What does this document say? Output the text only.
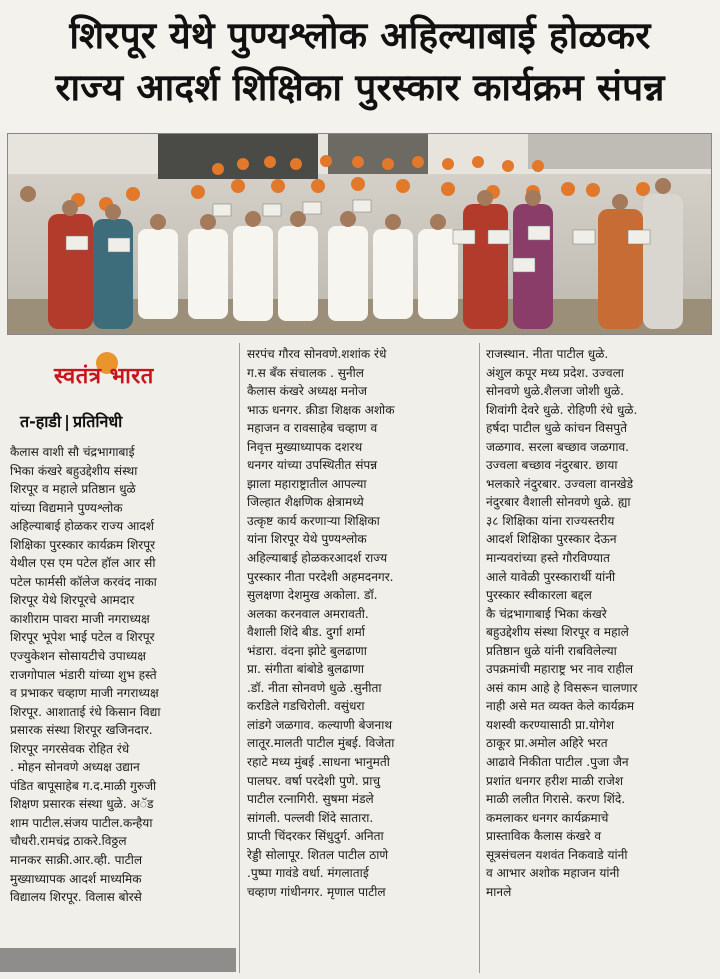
शिरपूर येथे पुण्यश्लोक अहिल्याबाई होळकर
राज्य आदर्श शिक्षिका पुरस्कार कार्यक्रम संपन्न
स्वतंत्र भारत
त-हाडी | प्रतिनिधी
कैलास वाशी सौ चंद्रभागाबाई
भिका कंखरे बहुउद्देशीय संस्था
शिरपूर व महाले प्रतिष्ठान धुळे
यांच्या विद्यमाने पुण्यश्लोक
अहिल्याबाई होळकर राज्य आदर्श
शिक्षिका पुरस्कार कार्यक्रम शिरपूर
येथील एस एम पटेल हॉल आर सी
पटेल फार्मसी कॉलेज करवंद नाका
शिरपूर येथे शिरपूरचे आमदार
काशीराम पावरा माजी नगराध्यक्ष
शिरपूर भूपेश भाई पटेल व शिरपूर
एज्युकेशन सोसायटीचे उपाध्यक्ष
राजगोपाल भंडारी यांच्या शुभ हस्ते
व प्रभाकर चव्हाण माजी नगराध्यक्ष
शिरपूर. आशाताई रंधे किसान विद्या
प्रसारक संस्था शिरपूर खजिनदार.
शिरपूर नगरसेवक रोहित रंधे
. मोहन सोनवणे अध्यक्ष उद्यान
पंडित बापूसाहेब ग.द.माळी गुरुजी
शिक्षण प्रसारक संस्था धुळे. अॅड
शाम पाटील.संजय पाटील.कन्हैया
चौधरी.रामचंद्र ठाकरे.विठ्ठल
मानकर साक्री.आर.व्ही. पाटील
मुख्याध्यापक आदर्श माध्यमिक
विद्यालय शिरपूर. विलास बोरसे
सरपंच गौरव सोनवणे.शशांक रंधे
ग.स बँक संचालक . सुनील
कैलास कंखरे अध्यक्ष मनोज
भाऊ धनगर. क्रीडा शिक्षक अशोक
महाजन व रावसाहेब चव्हाण व
निवृत्त मुख्याध्यापक दशरथ
धनगर यांच्या उपस्थितीत संपन्न
झाला महाराष्ट्रातील आपल्या
जिल्हात शैक्षणिक क्षेत्रामध्ये
उत्कृष्ट कार्य करणाऱ्या शिक्षिका
यांना शिरपूर येथे पुण्यश्लोक
अहिल्याबाई होळकरआदर्श राज्य
पुरस्कार नीता परदेशी अहमदनगर.
सुलक्षणा देशमुख अकोला. डॉ.
अलका करनवाल अमरावती.
वैशाली शिंदे बीड. दुर्गा शर्मा
भंडारा. वंदना झोटे बुलढाणा
प्रा. संगीता बांबोडे बुलढाणा
.डॉ. नीता सोनवणे धुळे .सुनीता
करडिले गडचिरोली. वसुंधरा
लांडगे जळगाव. कल्याणी बेजनाथ
लातूर.मालती पाटील मुंबई. विजेता
रहाटे मध्य मुंबई .साधना भानुमती
पालघर. वर्षा परदेशी पुणे. प्राचु
पाटील रत्नागिरी. सुषमा मंडले
सांगली. पल्लवी शिंदे सातारा.
प्राप्ती चिंदरकर सिंधुदुर्ग. अनिता
रेड्डी सोलापूर. शितल पाटील ठाणे
.पुष्पा गावंडे वर्धा. मंगलाताई
चव्हाण गांधीनगर. मृणाल पाटील
राजस्थान. नीता पाटील धुळे.
अंशुल कपूर मध्य प्रदेश. उज्वला
सोनवणे धुळे.शैलजा जोशी धुळे.
शिवांगी देवरे धुळे. रोहिणी रंधे धुळे.
हर्षदा पाटील धुळे कांचन विसपुते
जळगाव. सरला बच्छाव जळगाव.
उज्वला बच्छाव नंदुरबार. छाया
भलकारे नंदुरबार. उज्वला वानखेडे
नंदुरबार वैशाली सोनवणे धुळे. ह्या
३८ शिक्षिका यांना राज्यस्तरीय
आदर्श शिक्षिका पुरस्कार देऊन
मान्यवरांच्या हस्ते गौरविण्यात
आले यावेळी पुरस्कारार्थी यांनी
पुरस्कार स्वीकारला बद्दल
कै चंद्रभागाबाई भिका कंखरे
बहुउद्देशीय संस्था शिरपूर व महाले
प्रतिष्ठान धुळे यांनी राबविलेल्या
उपक्रमांची महाराष्ट्र भर नाव राहील
असं काम आहे हे विसरून चालणार
नाही असे मत व्यक्त केले कार्यक्रम
यशस्वी करण्यासाठी प्रा.योगेश
ठाकूर प्रा.अमोल अहिरे भरत
आढावे निकीता पाटील .पुजा जैन
प्रशांत धनगर हरीश माळी राजेश
माळी ललीत गिरासे. करण शिंदे.
कमलाकर धनगर कार्यक्रमाचे
प्रास्ताविक कैलास कंखरे व
सूत्रसंचलन यशवंत निकवाडे यांनी
व आभार अशोक महाजन यांनी
मानले
